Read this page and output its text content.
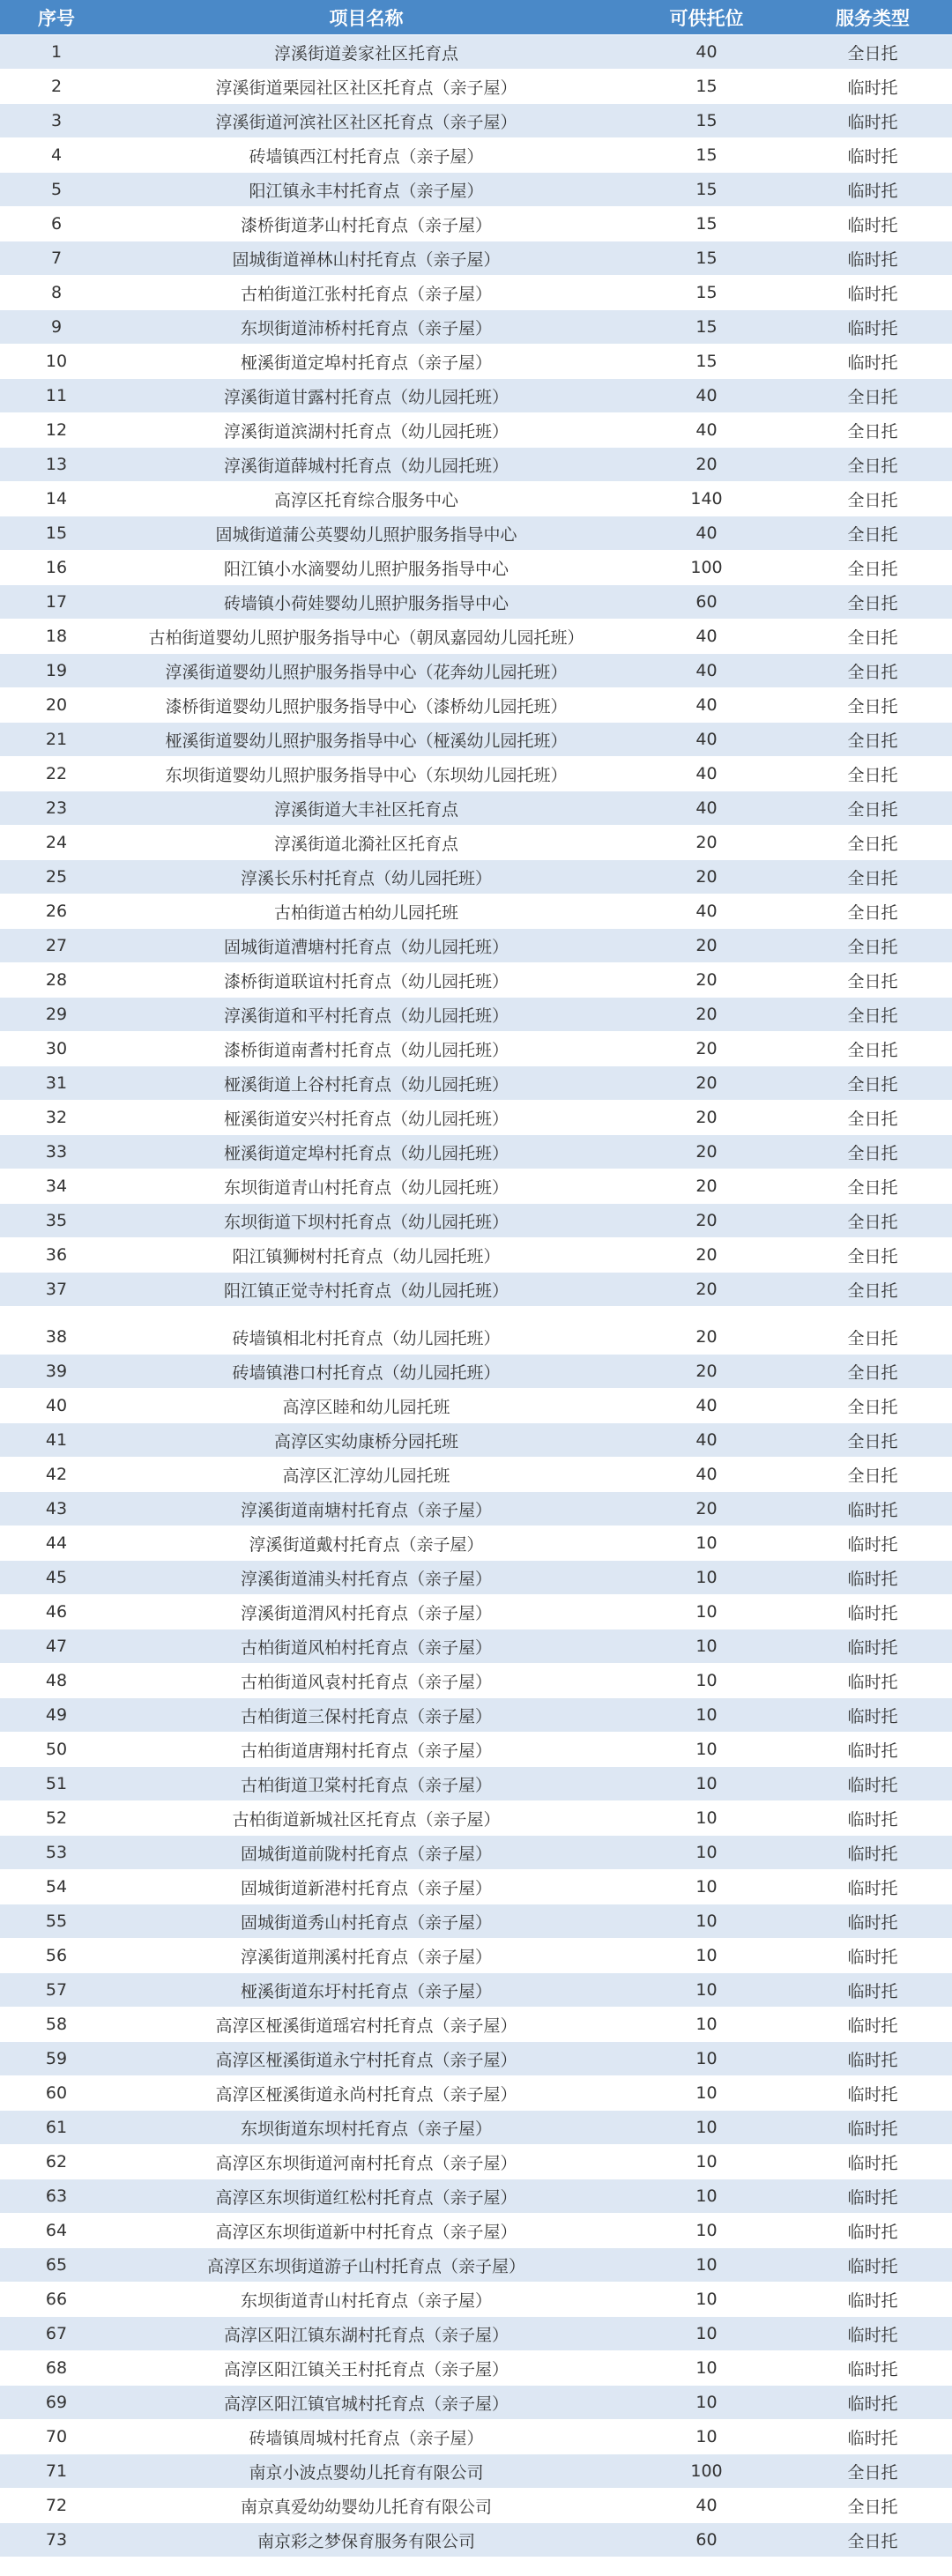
序号	项目名称	可供托位	服务类型
1	淳溪街道姜家社区托育点	40	全日托
2	淳溪街道栗园社区社区托育点（亲子屋）	15	临时托
3	淳溪街道河滨社区社区托育点（亲子屋）	15	临时托
4	砖墙镇西江村托育点（亲子屋）	15	临时托
5	阳江镇永丰村托育点（亲子屋）	15	临时托
6	漆桥街道茅山村托育点（亲子屋）	15	临时托
7	固城街道禅林山村托育点（亲子屋）	15	临时托
8	古柏街道江张村托育点（亲子屋）	15	临时托
9	东坝街道沛桥村托育点（亲子屋）	15	临时托
10	桠溪街道定埠村托育点（亲子屋）	15	临时托
11	淳溪街道甘露村托育点（幼儿园托班）	40	全日托
12	淳溪街道滨湖村托育点（幼儿园托班）	40	全日托
13	淳溪街道薛城村托育点（幼儿园托班）	20	全日托
14	高淳区托育综合服务中心	140	全日托
15	固城街道蒲公英婴幼儿照护服务指导中心	40	全日托
16	阳江镇小水滴婴幼儿照护服务指导中心	100	全日托
17	砖墙镇小荷娃婴幼儿照护服务指导中心	60	全日托
18	古柏街道婴幼儿照护服务指导中心（朝凤嘉园幼儿园托班）	40	全日托
19	淳溪街道婴幼儿照护服务指导中心（花奔幼儿园托班）	40	全日托
20	漆桥街道婴幼儿照护服务指导中心（漆桥幼儿园托班）	40	全日托
21	桠溪街道婴幼儿照护服务指导中心（桠溪幼儿园托班）	40	全日托
22	东坝街道婴幼儿照护服务指导中心（东坝幼儿园托班）	40	全日托
23	淳溪街道大丰社区托育点	40	全日托
24	淳溪街道北漪社区托育点	20	全日托
25	淳溪长乐村托育点（幼儿园托班）	20	全日托
26	古柏街道古柏幼儿园托班	40	全日托
27	固城街道漕塘村托育点（幼儿园托班）	20	全日托
28	漆桥街道联谊村托育点（幼儿园托班）	20	全日托
29	淳溪街道和平村托育点（幼儿园托班）	20	全日托
30	漆桥街道南耆村托育点（幼儿园托班）	20	全日托
31	桠溪街道上谷村托育点（幼儿园托班）	20	全日托
32	桠溪街道安兴村托育点（幼儿园托班）	20	全日托
33	桠溪街道定埠村托育点（幼儿园托班）	20	全日托
34	东坝街道青山村托育点（幼儿园托班）	20	全日托
35	东坝街道下坝村托育点（幼儿园托班）	20	全日托
36	阳江镇狮树村托育点（幼儿园托班）	20	全日托
37	阳江镇正觉寺村托育点（幼儿园托班）	20	全日托
38	砖墙镇相北村托育点（幼儿园托班）	20	全日托
39	砖墙镇港口村托育点（幼儿园托班）	20	全日托
40	高淳区睦和幼儿园托班	40	全日托
41	高淳区实幼康桥分园托班	40	全日托
42	高淳区汇淳幼儿园托班	40	全日托
43	淳溪街道南塘村托育点（亲子屋）	20	临时托
44	淳溪街道戴村托育点（亲子屋）	10	临时托
45	淳溪街道浦头村托育点（亲子屋）	10	临时托
46	淳溪街道渭风村托育点（亲子屋）	10	临时托
47	古柏街道风柏村托育点（亲子屋）	10	临时托
48	古柏街道风袁村托育点（亲子屋）	10	临时托
49	古柏街道三保村托育点（亲子屋）	10	临时托
50	古柏街道唐翔村托育点（亲子屋）	10	临时托
51	古柏街道卫棠村托育点（亲子屋）	10	临时托
52	古柏街道新城社区托育点（亲子屋）	10	临时托
53	固城街道前陇村托育点（亲子屋）	10	临时托
54	固城街道新港村托育点（亲子屋）	10	临时托
55	固城街道秀山村托育点（亲子屋）	10	临时托
56	淳溪街道荆溪村托育点（亲子屋）	10	临时托
57	桠溪街道东圩村托育点（亲子屋）	10	临时托
58	高淳区桠溪街道瑶宕村托育点（亲子屋）	10	临时托
59	高淳区桠溪街道永宁村托育点（亲子屋）	10	临时托
60	高淳区桠溪街道永尚村托育点（亲子屋）	10	临时托
61	东坝街道东坝村托育点（亲子屋）	10	临时托
62	高淳区东坝街道河南村托育点（亲子屋）	10	临时托
63	高淳区东坝街道红松村托育点（亲子屋）	10	临时托
64	高淳区东坝街道新中村托育点（亲子屋）	10	临时托
65	高淳区东坝街道游子山村托育点（亲子屋）	10	临时托
66	东坝街道青山村托育点（亲子屋）	10	临时托
67	高淳区阳江镇东湖村托育点（亲子屋）	10	临时托
68	高淳区阳江镇关王村托育点（亲子屋）	10	临时托
69	高淳区阳江镇官城村托育点（亲子屋）	10	临时托
70	砖墙镇周城村托育点（亲子屋）	10	临时托
71	南京小波点婴幼儿托育有限公司	100	全日托
72	南京真爱幼幼婴幼儿托育有限公司	40	全日托
73	南京彩之梦保育服务有限公司	60	全日托
